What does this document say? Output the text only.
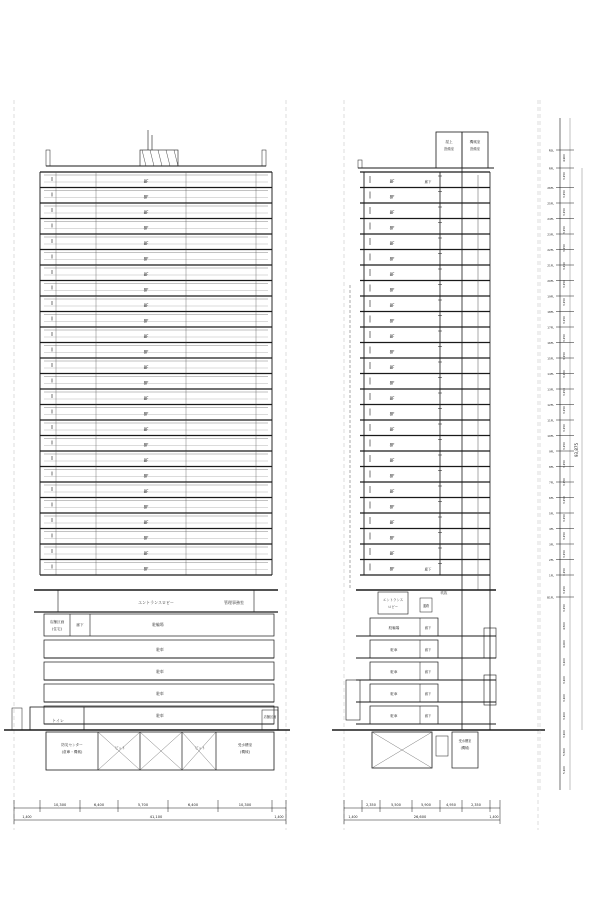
8F
8F
8F
8F
8F
8F
8F
8F
8F
8F
8F
8F
8F
8F
8F
8F
8F
8F
8F
8F
8F
8F
8F
8F
8F
8F
エントランスロビー	管理事務室
店舗区画
(住宅)
廊下	駐輪場
駐車
駐車
駐車
駐車
トイレ
店舗区画
防災センター
(倉庫・機械)
ピット	ピット
受水槽室
(機械)
屋上
設備室
機械室
設備室
8F	廊下
8F
8F
8F
8F
8F
8F
8F
8F
8F
8F
8F
8F
8F
8F
8F
8F
8F
8F
8F
8F
8F
8F
8F
8F
8F	廊下
エントランス
ロビー	通路
吹抜
駐輪場	廊下
駐車	廊下
駐車	廊下
駐車	廊下
駐車	廊下
受水槽室
(機械)
RSL
RFL
26FL
25FL
24FL
23FL
22FL
21FL
20FL
19FL
18FL
17FL
16FL
15FL
14FL
13FL
12FL
11FL
10FL
9FL
8FL
7FL
6FL
5FL
4FL
3FL
2FL
1FL
B1FL
4,900
3,150
3,150
3,150
3,150
3,150
3,150
3,150
3,150
3,150
3,150
3,150
3,150
3,150
3,150
3,150
3,150
3,150
3,150
3,150
3,150
3,150
3,150
3,150
3,150
3,150
4,500
4,000
3,100
3,100
3,100
3,100
3,100
5,500
5,100
93,875
10,300	6,400	5,700	6,400	10,300
41,100
1,400	1,400
2,350	5,500	5,900	4,950	2,350
26,600
1,400	1,400
